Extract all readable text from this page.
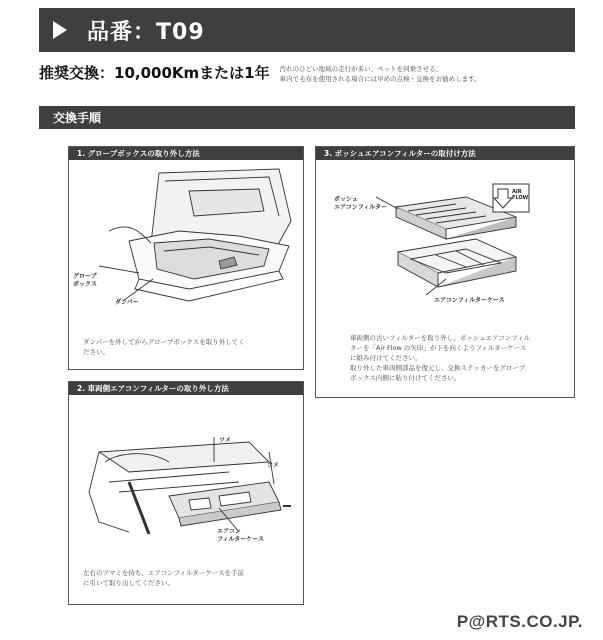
品番：T09
推奨交換：10,000Kmまたは1年 汚れのひどい地域の走行が多い、ペットを同乗させる、
車内で毛布を使用される場合には早めの点検・交換をお勧めします。
交換手順
1. グローブボックスの取り外し方法
グローブ
ボックス
ダンパー
ダンパーを外してからグローブボックスを取り外してく
ださい。
3. ボッシュエアコンフィルターの取付け方法
AIR
FLOW
ボッシュ
エアコンフィルター
エアコンフィルターケース
車両側の古いフィルターを取り外し、ボッシュエアコンフィル
ターを「Air Flow の矢印」が下を向くようフィルターケース
に組み付けてください。
取り外した車両側部品を復元し、交換ステッカーをグローブ
ボックス内側に貼り付けてください。
2. 車両側エアコンフィルターの取り外し方法
ツメ
ツメ
エアコン
フィルターケース
左右のツマミを持ち、エアコンフィルターケースを手前
に引いて取り出してください。
P@RTS.CO.JP.
